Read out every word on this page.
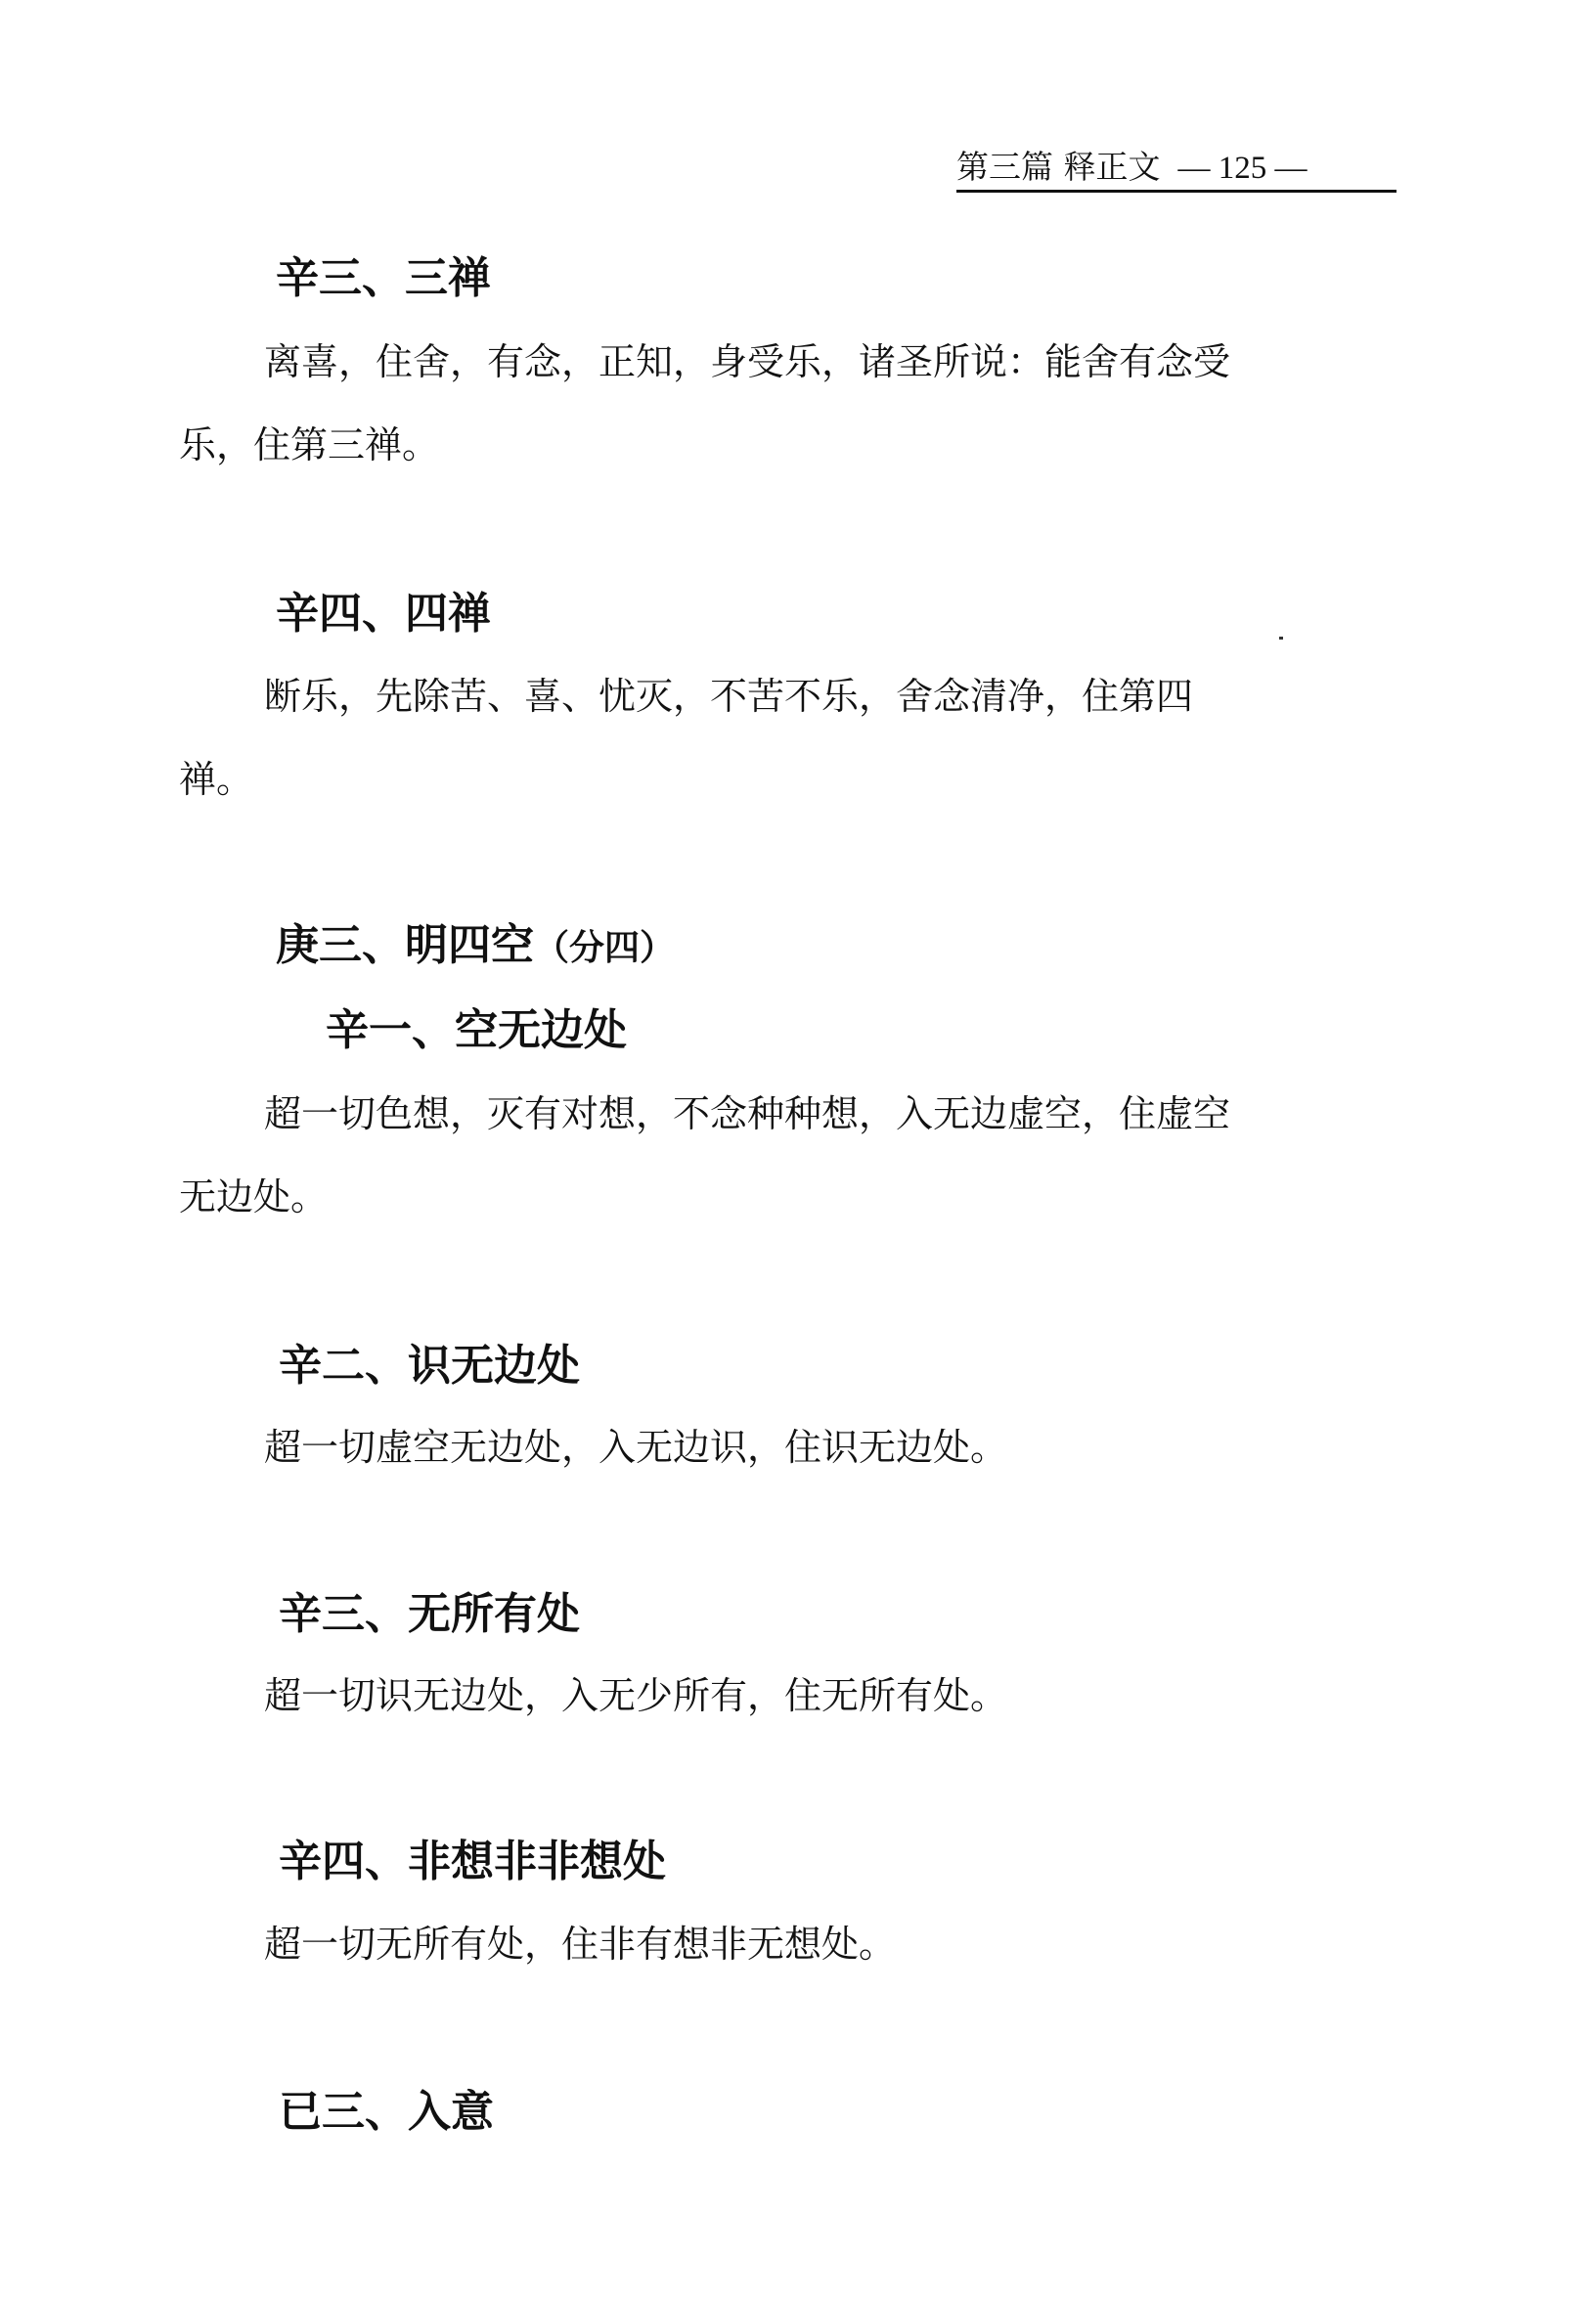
第三篇 释正文 — 125 —
辛三、三禅
离喜，住舍，有念，正知，身受乐，诸圣所说：能舍有念受
乐，住第三禅。
辛四、四禅
断乐，先除苦、喜、忧灭，不苦不乐，舍念清净，住第四
禅。
庚三、明四空（分四）
辛一、空无边处
超一切色想，灭有对想，不念种种想，入无边虚空，住虚空
无边处。
辛二、识无边处
超一切虚空无边处，入无边识，住识无边处。
辛三、无所有处
超一切识无边处，入无少所有，住无所有处。
辛四、非想非非想处
超一切无所有处，住非有想非无想处。
已三、入意
